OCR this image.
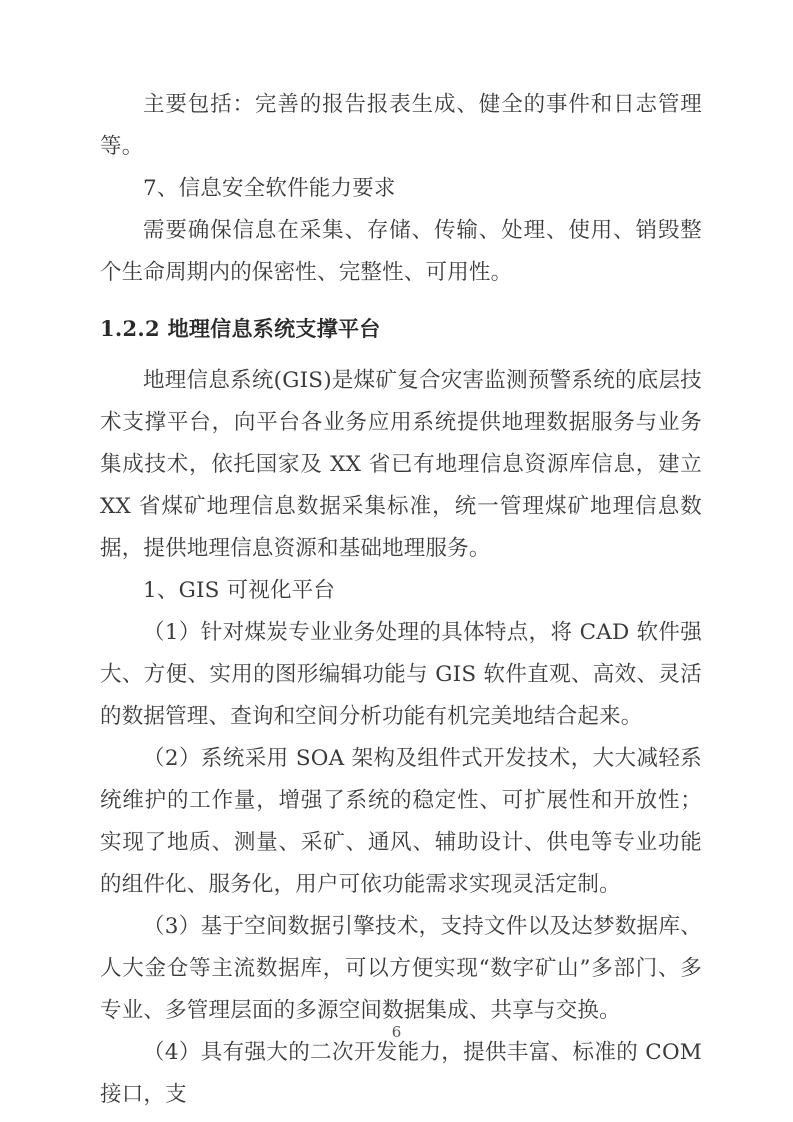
主要包括：完善的报告报表生成、健全的事件和日志管理等。

7、信息安全软件能力要求

需要确保信息在采集、存储、传输、处理、使用、销毁整个生命周期内的保密性、完整性、可用性。

1.2.2 地理信息系统支撑平台

地理信息系统(GIS)是煤矿复合灾害监测预警系统的底层技术支撑平台，向平台各业务应用系统提供地理数据服务与业务集成技术，依托国家及 XX 省已有地理信息资源库信息，建立 XX 省煤矿地理信息数据采集标准，统一管理煤矿地理信息数据，提供地理信息资源和基础地理服务。

1、GIS 可视化平台

（1）针对煤炭专业业务处理的具体特点，将 CAD 软件强大、方便、实用的图形编辑功能与 GIS 软件直观、高效、灵活的数据管理、查询和空间分析功能有机完美地结合起来。

（2）系统采用 SOA 架构及组件式开发技术，大大减轻系统维护的工作量，增强了系统的稳定性、可扩展性和开放性；实现了地质、测量、采矿、通风、辅助设计、供电等专业功能的组件化、服务化，用户可依功能需求实现灵活定制。

（3）基于空间数据引擎技术，支持文件以及达梦数据库、人大金仓等主流数据库，可以方便实现“数字矿山”多部门、多专业、多管理层面的多源空间数据集成、共享与交换。

（4）具有强大的二次开发能力，提供丰富、标准的 COM 接口，支

6
